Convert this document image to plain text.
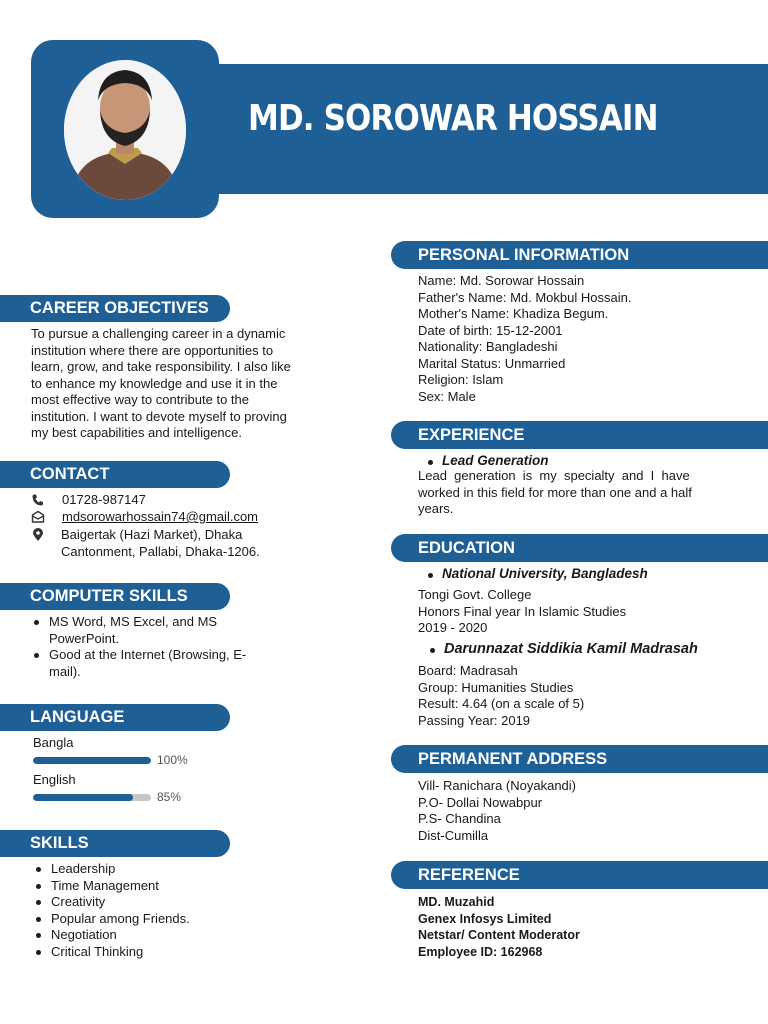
MD. SOROWAR HOSSAIN
CAREER OBJECTIVES
To pursue a challenging career in a dynamic
institution where there are opportunities to
learn, grow, and take responsibility. I also like
to enhance my knowledge and use it in the
most effective way to contribute to the
institution. I want to devote myself to proving
my best capabilities and intelligence.
CONTACT
01728-987147
mdsorowarhossain74@gmail.com
Baigertak (Hazi Market), Dhaka
Cantonment, Pallabi, Dhaka-1206.
COMPUTER SKILLS
MS Word, MS Excel, and MS
PowerPoint.
Good at the Internet (Browsing, E-
mail).
LANGUAGE
Bangla
100%
English
85%
SKILLS
Leadership
Time Management
Creativity
Popular among Friends.
Negotiation
Critical Thinking
PERSONAL INFORMATION
Name: Md. Sorowar Hossain
Father's Name: Md. Mokbul Hossain.
Mother's Name: Khadiza Begum.
Date of birth: 15-12-2001
Nationality: Bangladeshi
Marital Status: Unmarried
Religion: Islam
Sex: Male
EXPERIENCE
Lead Generation
Lead  generation  is  my  specialty  and  I  have
worked in this field for more than one and a half
years.
EDUCATION
National University, Bangladesh
Tongi Govt. College
Honors Final year In Islamic Studies
2019 - 2020
Darunnazat Siddikia Kamil Madrasah
Board: Madrasah
Group: Humanities Studies
Result: 4.64 (on a scale of 5)
Passing Year: 2019
PERMANENT ADDRESS
Vill- Ranichara (Noyakandi)
P.O- Dollai Nowabpur
P.S- Chandina
Dist-Cumilla
REFERENCE
MD. Muzahid
Genex Infosys Limited
Netstar/ Content Moderator
Employee ID: 162968
